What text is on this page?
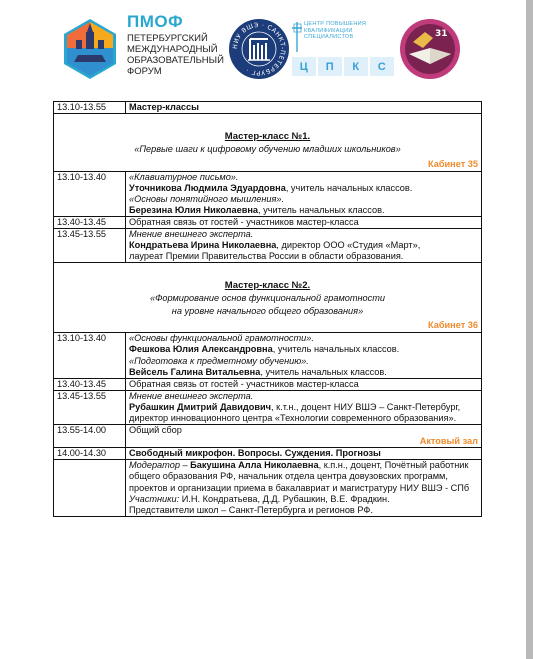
ПМОФ
ПЕТЕРБУРГСКИЙ
МЕЖДУНАРОДНЫЙ
ОБРАЗОВАТЕЛЬНЫЙ
ФОРУМ
НИУ ВШЭ · САНКТ-ПЕТЕРБУРГ ·
ЦЕНТР ПОВЫШЕНИЯ КВАЛИФИКАЦИИ СПЕЦИАЛИСТОВ
Ц	П	К	С
31
13.10-13.55	Мастер-классы

Мастер-класс №1.
«Первые шаги к цифровому обучению младших школьников»
Кабинет 35	

13.10-13.40	«Клавиатурное письмо».
Уточникова Людмила Эдуардовна, учитель начальных классов.
«Основы понятийного мышления».
Березина Юлия Николаевна, учитель начальных классов.

13.40-13.45	Обратная связь от гостей - участников мастер-класса
13.45-13.55	Мнение внешнего эксперта.
Кондратьева Ирина Николаевна, директор ООО «Студия «Март»,
лауреат Премии Правительства России в области образования.

Мастер-класс №2.
«Формирование основ функциональной грамотности
на уровне начального общего образования»
Кабинет 36	

13.10-13.40	«Основы функциональной грамотности».
Фешкова Юлия Александровна, учитель начальных классов.
«Подготовка к предметному обучению».
Вейсель Галина Витальевна, учитель начальных классов.

13.40-13.45	Обратная связь от гостей - участников мастер-класса
13.45-13.55	Мнение внешнего эксперта.
Рубашкин Дмитрий Давидович, к.т.н., доцент НИУ ВШЭ – Санкт-Петербург, директор инновационного центра «Технологии современного образования».

13.55-14.00	Общий сбор
Актовый зал

14.00-14.30	Свободный микрофон. Вопросы. Суждения. Прогнозы

	Модератор – Бакушина Алла Николаевна, к.п.н., доцент, Почётный работник общего образования РФ, начальник отдела центра довузовских программ, проектов и организации приема в бакалавриат и магистратуру НИУ ВШЭ - СПб
Участники: И.Н. Кондратьева, Д.Д. Рубашкин, В.Е. Фрадкин.
Представители школ – Санкт-Петербурга и регионов РФ.
